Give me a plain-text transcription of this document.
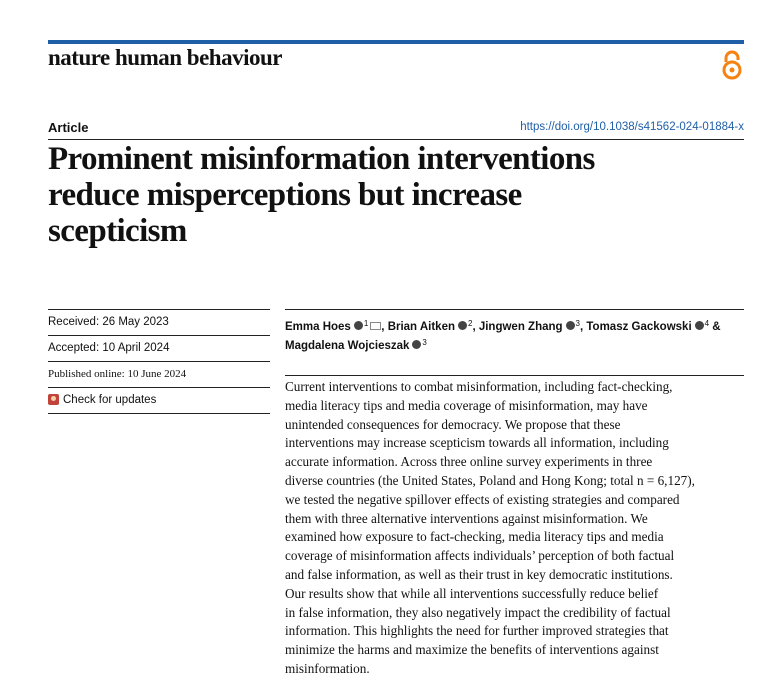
nature human behaviour
Article	https://doi.org/10.1038/s41562-024-01884-x
Prominent misinformation interventions
reduce misperceptions but increase
scepticism
Received: 26 May 2023
Accepted: 10 April 2024
Published online: 10 June 2024
Check for updates
Emma Hoes $^1$ , Brian Aitken $^2$, Jingwen Zhang $^3$, Tomasz Gackowski $^4$ &
Magdalena Wojcieszak $^3$

Current interventions to combat misinformation, including fact-checking,
media literacy tips and media coverage of misinformation, may have
unintended consequences for democracy. We propose that these
interventions may increase scepticism towards all information, including
accurate information. Across three online survey experiments in three
diverse countries (the United States, Poland and Hong Kong; total n = 6,127),
we tested the negative spillover effects of existing strategies and compared
them with three alternative interventions against misinformation. We
examined how exposure to fact-checking, media literacy tips and media
coverage of misinformation affects individuals’ perception of both factual
and false information, as well as their trust in key democratic institutions.
Our results show that while all interventions successfully reduce belief
in false information, they also negatively impact the credibility of factual
information. This highlights the need for further improved strategies that
minimize the harms and maximize the benefits of interventions against
misinformation.
